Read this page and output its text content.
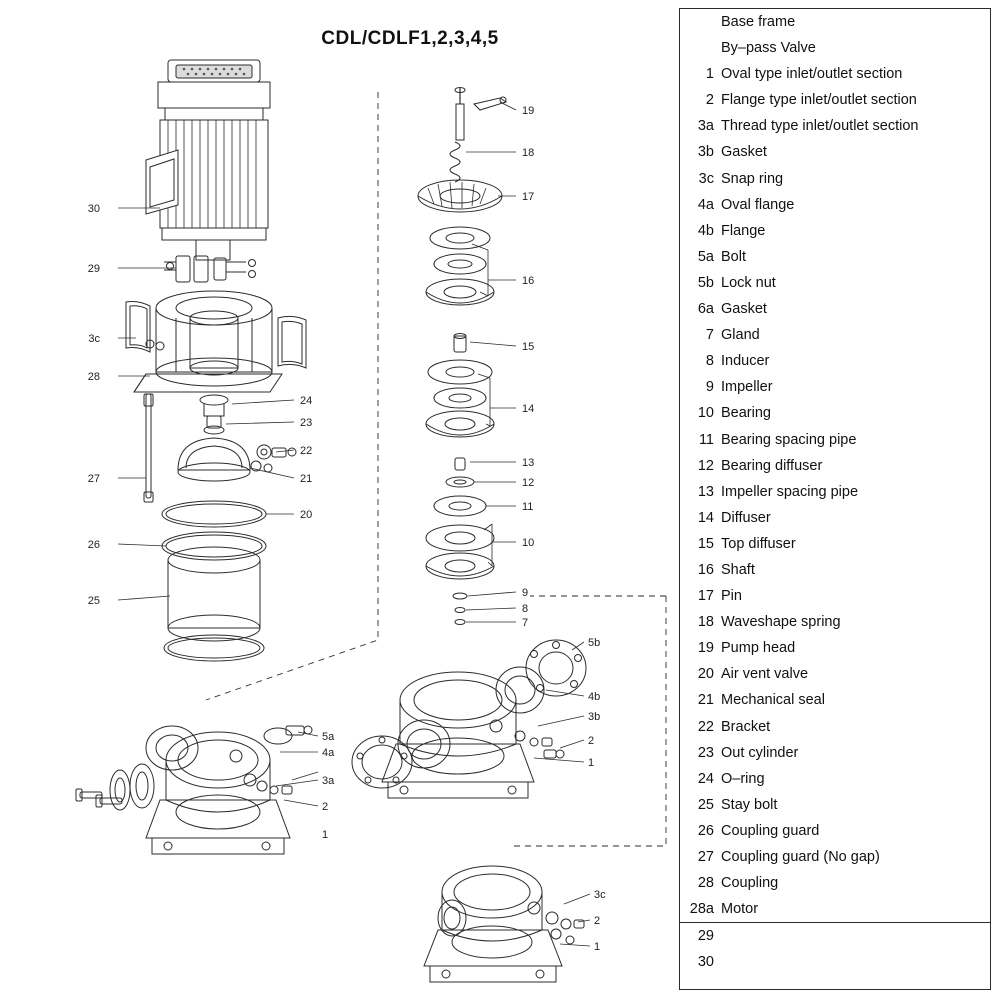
CDL/CDLF1,2,3,4,5
30
29
3c
28
27
26
25
24
23
22
21
20
19
18
17
16
15
14
13
12
11
10
9
8
7
5a
4a
3a
2
1
5b
4b
3b
2
1
3c
2
1
Base frame
By–pass Valve
1 Oval type inlet/outlet section
2 Flange type inlet/outlet section
3a Thread type inlet/outlet section
3b Gasket
3c Snap ring
4a Oval flange
4b Flange
5a Bolt
5b Lock nut
6a Gasket
7 Gland
8 Inducer
9 Impeller
10 Bearing
11 Bearing spacing pipe
12 Bearing diffuser
13 Impeller spacing pipe
14 Diffuser
15 Top diffuser
16 Shaft
17 Pin
18 Waveshape spring
19 Pump head
20 Air vent valve
21 Mechanical seal
22 Bracket
23 Out cylinder
24 O–ring
25 Stay bolt
26 Coupling guard
27 Coupling guard (No gap)
28 Coupling
28a Motor
29
30
